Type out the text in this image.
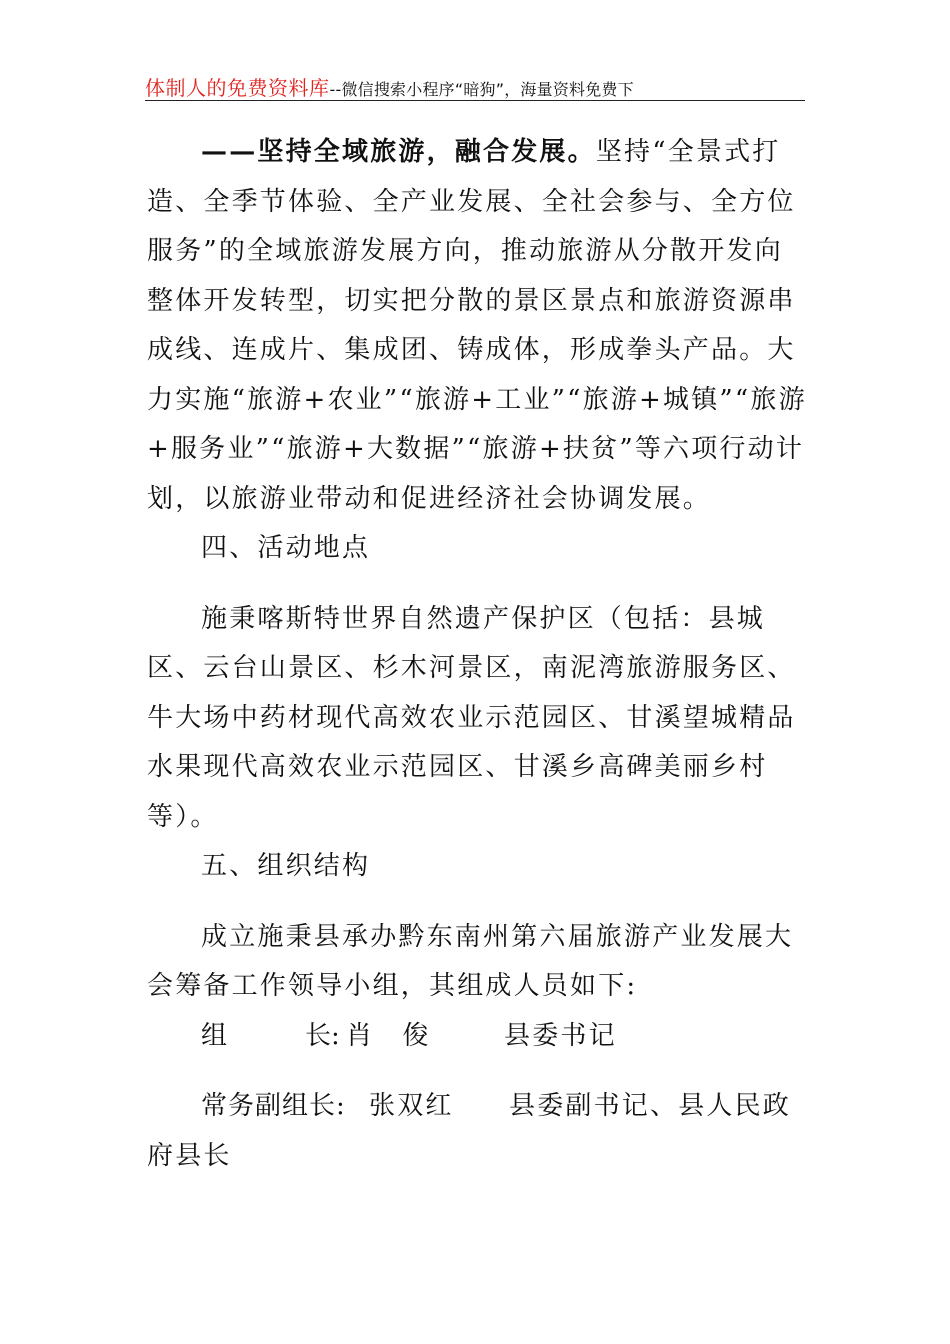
体制人的免费资料库--微信搜索小程序“暗狗”，海量资料免费下

——坚持全域旅游，融合发展。坚持“全景式打造、全季节体验、全产业发展、全社会参与、全方位服务”的全域旅游发展方向，推动旅游从分散开发向整体开发转型，切实把分散的景区景点和旅游资源串成线、连成片、集成团、铸成体，形成拳头产品。大力实施“旅游+农业”“旅游+工业”“旅游+城镇”“旅游+服务业”“旅游+大数据”“旅游+扶贫”等六项行动计划，以旅游业带动和促进经济社会协调发展。

四、活动地点

施秉喀斯特世界自然遗产保护区（包括：县城区、云台山景区、杉木河景区，南泥湾旅游服务区、牛大场中药材现代高效农业示范园区、甘溪望城精品水果现代高效农业示范园区、甘溪乡高碑美丽乡村等）。

五、组织结构

成立施秉县承办黔东南州第六届旅游产业发展大会筹备工作领导小组，其组成人员如下:

组	长: 肖　俊	县委书记

常务副组长: 张双红 县委副书记、县人民政

府县长
